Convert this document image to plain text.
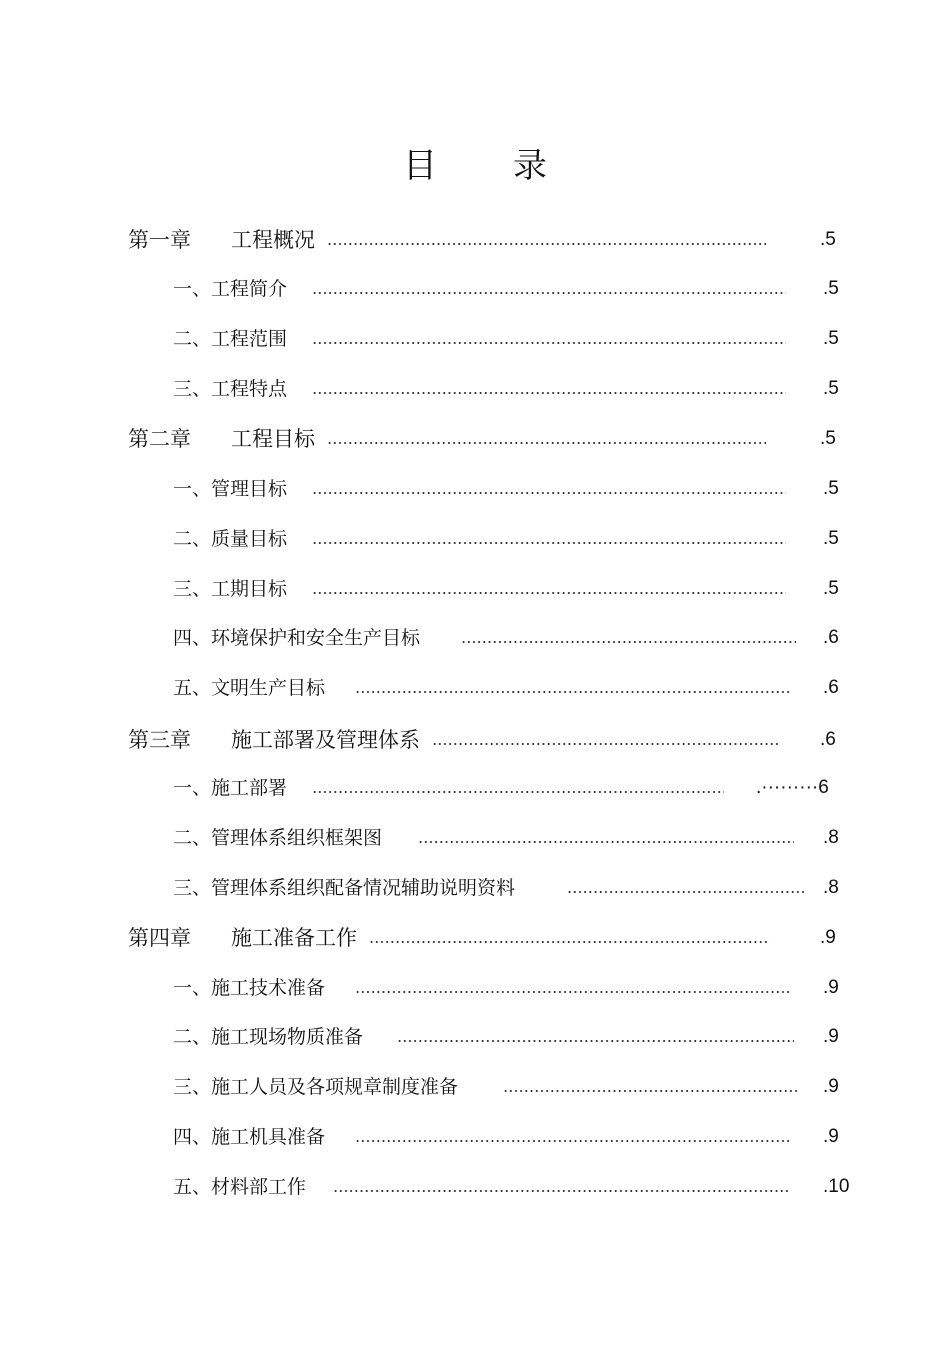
目 录
第一章 工程概况	.5
一、工程简介	.5
二、工程范围	.5
三、工程特点	.5
第二章 工程目标	.5
一、管理目标	.5
二、质量目标	.5
三、工期目标	.5
四、环境保护和安全生产目标	.6
五、文明生产目标	.6
第三章 施工部署及管理体系	.6
一、施工部署	.·········6
二、管理体系组织框架图	.8
三、管理体系组织配备情况辅助说明资料	.8
第四章 施工准备工作	.9
一、施工技术准备	.9
二、施工现场物质准备	.9
三、施工人员及各项规章制度准备	.9
四、施工机具准备	.9
五、材料部工作	.10
